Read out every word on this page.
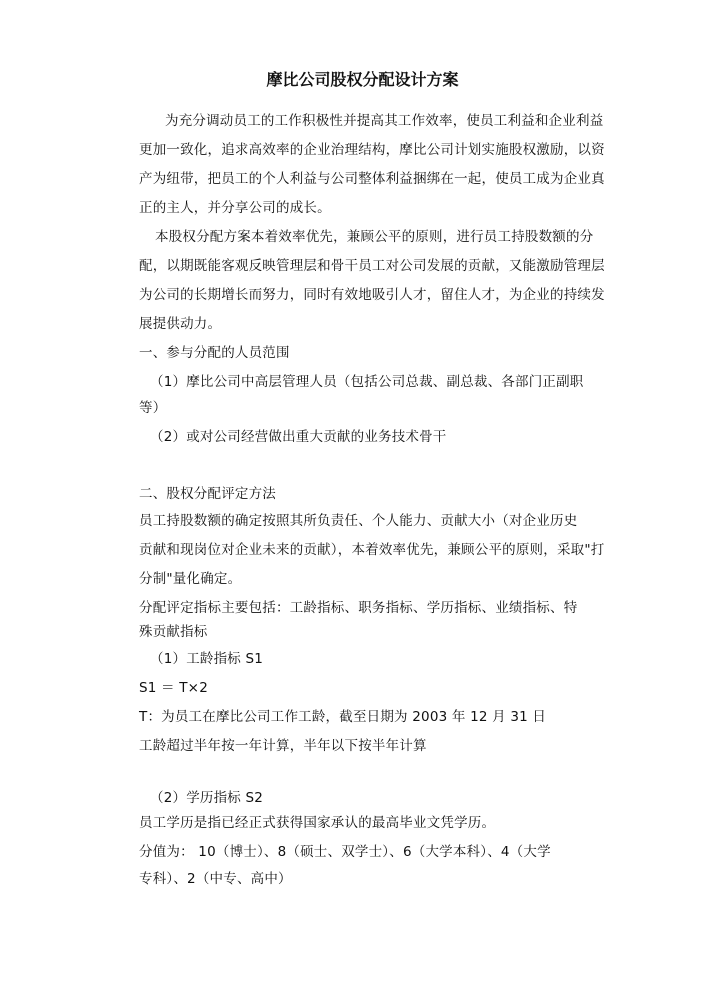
摩比公司股权分配设计方案
为充分调动员工的工作积极性并提高其工作效率，使员工利益和企业利益
更加一致化，追求高效率的企业治理结构，摩比公司计划实施股权激励，以资
产为纽带，把员工的个人利益与公司整体利益捆绑在一起，使员工成为企业真
正的主人，并分享公司的成长。
本股权分配方案本着效率优先，兼顾公平的原则，进行员工持股数额的分
配，以期既能客观反映管理层和骨干员工对公司发展的贡献，又能激励管理层
为公司的长期增长而努力，同时有效地吸引人才，留住人才，为企业的持续发
展提供动力。
一、参与分配的人员范围
（1）摩比公司中高层管理人员（包括公司总裁、副总裁、各部门正副职
等）
（2）或对公司经营做出重大贡献的业务技术骨干
二、股权分配评定方法
员工持股数额的确定按照其所负责任、个人能力、贡献大小（对企业历史
贡献和现岗位对企业未来的贡献），本着效率优先，兼顾公平的原则，采取"打
分制"量化确定。
分配评定指标主要包括：工龄指标、职务指标、学历指标、业绩指标、特
殊贡献指标
（1）工龄指标 S1
S1 ＝ T×2
T：为员工在摩比公司工作工龄，截至日期为 2003 年 12 月 31 日
工龄超过半年按一年计算，半年以下按半年计算
（2）学历指标 S2
员工学历是指已经正式获得国家承认的最高毕业文凭学历。
分值为： 10（博士）、8（硕士、双学士）、6（大学本科）、4（大学
专科）、2（中专、高中）
